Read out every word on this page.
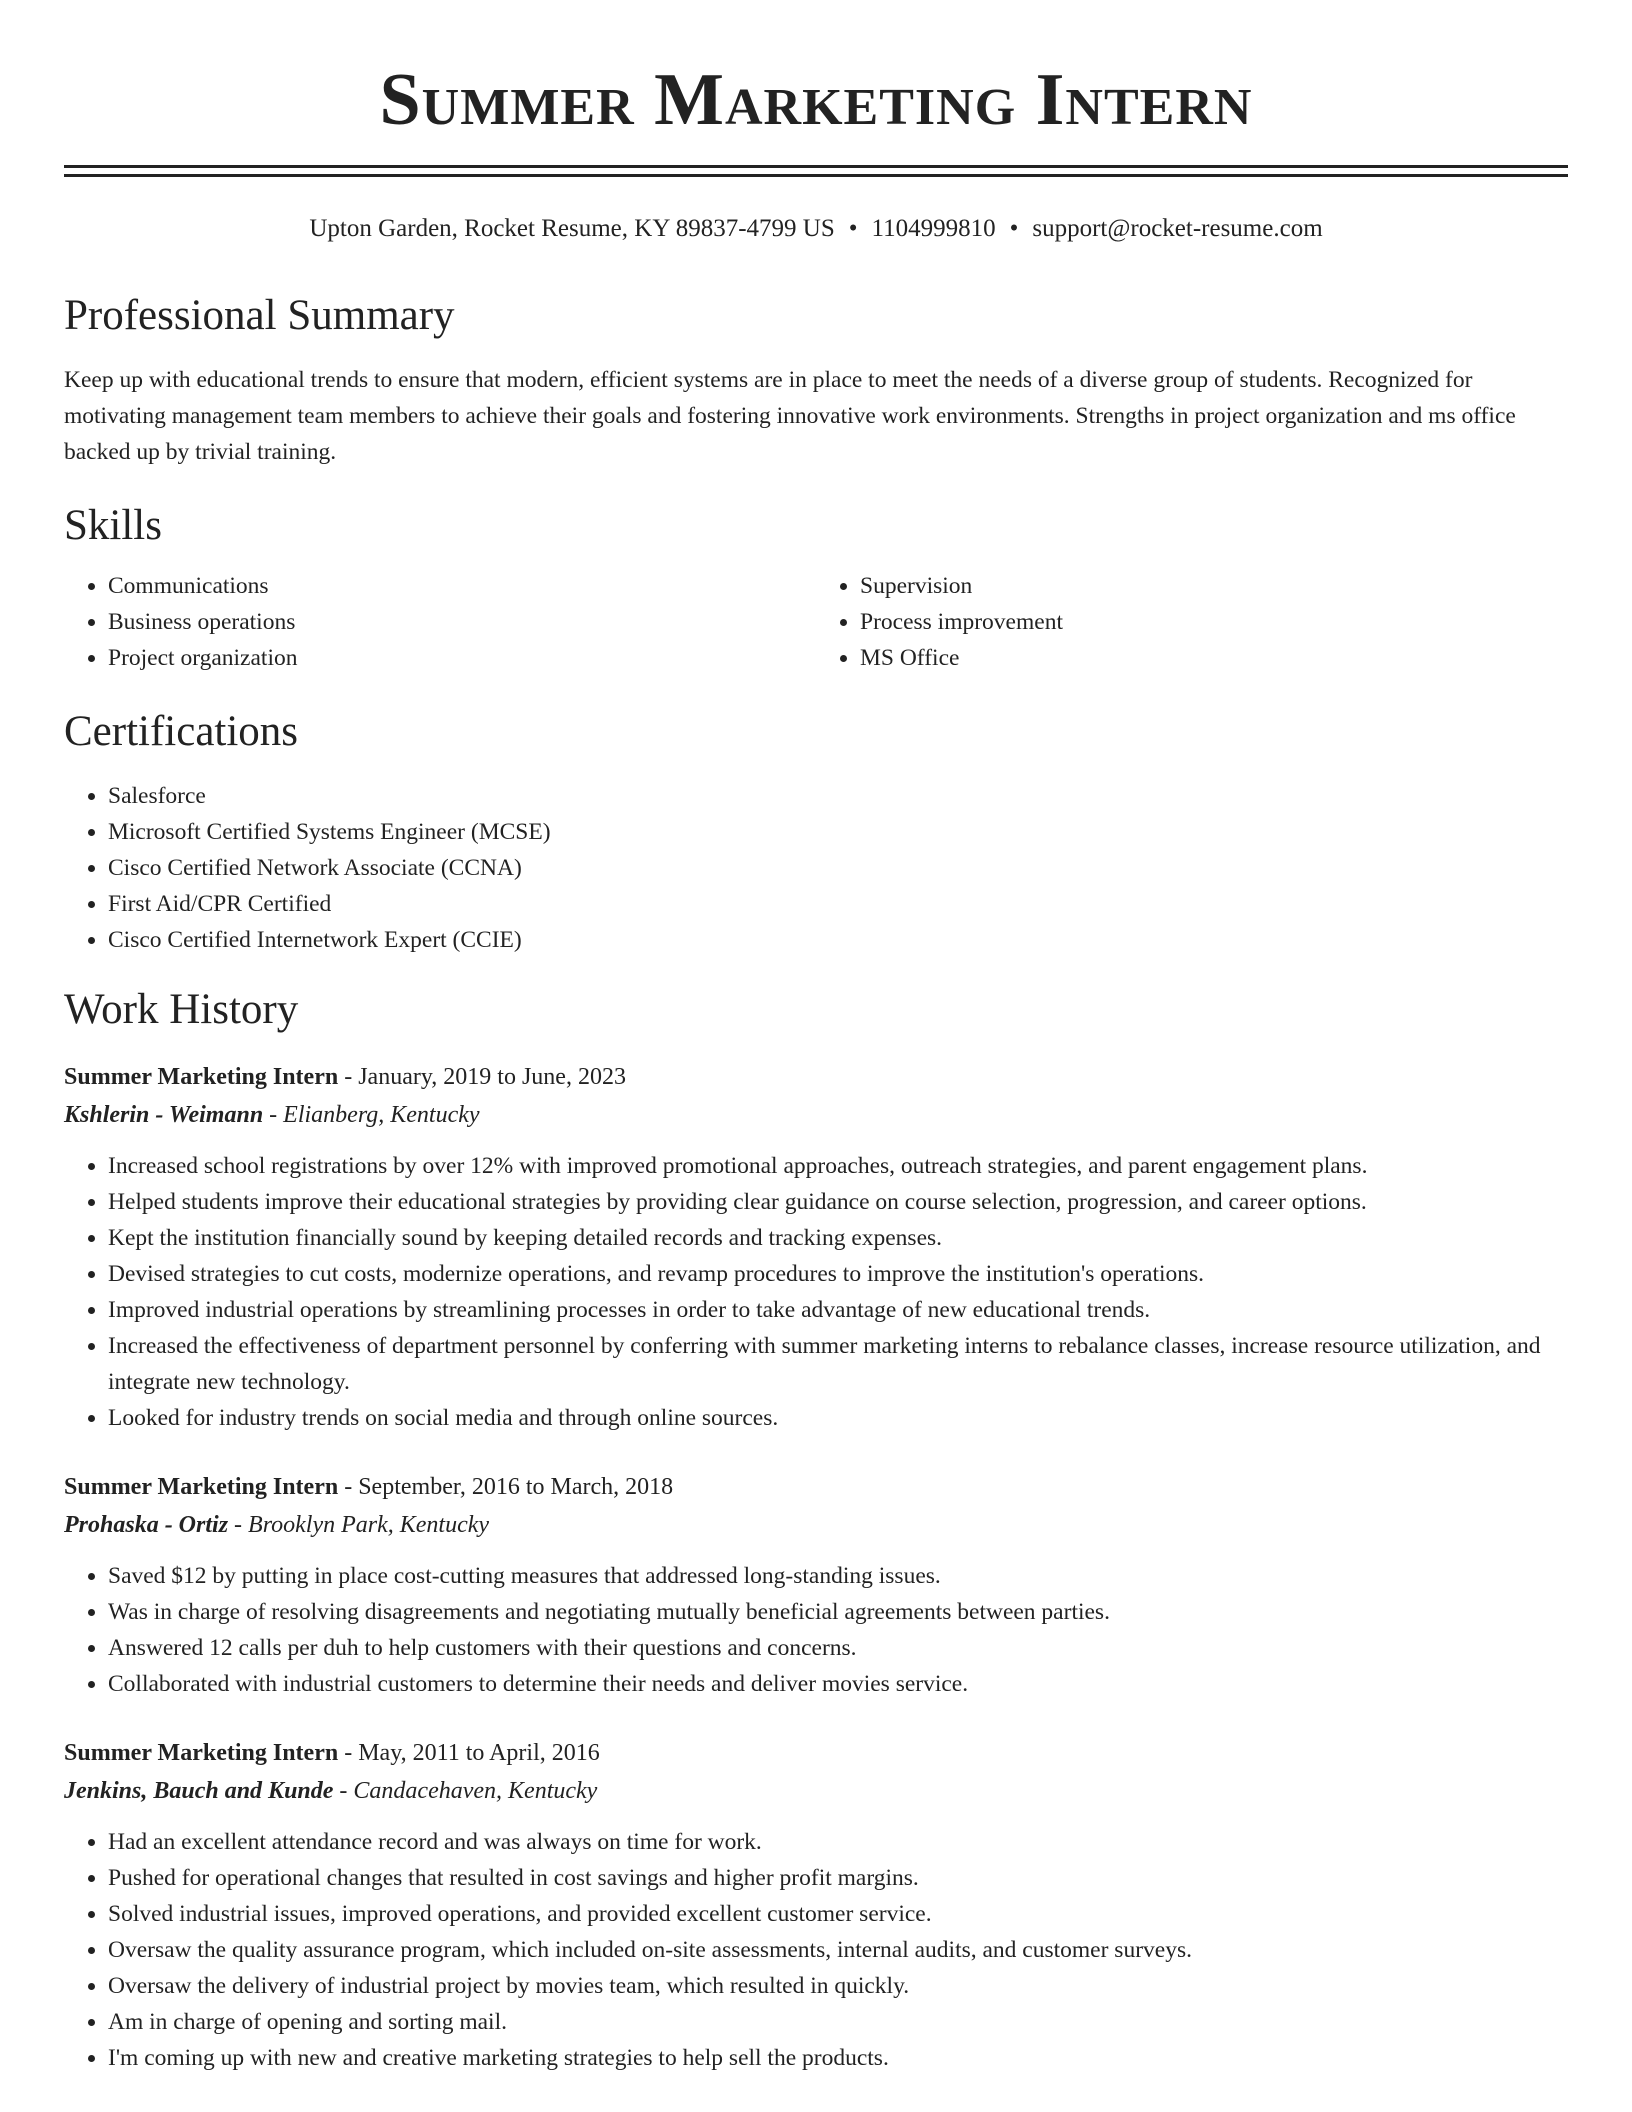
Summer Marketing Intern
Upton Garden, Rocket Resume, KY 89837-4799 US • 1104999810 • support@rocket-resume.com
Professional Summary

Keep up with educational trends to ensure that modern, efficient systems are in place to meet the needs of a diverse group of students. Recognized for motivating management team members to achieve their goals and fostering innovative work environments. Strengths in project organization and ms office backed up by trivial training.

Skills
• Communications
• Business operations
• Project organization
• Supervision
• Process improvement
• MS Office
Certifications
• Salesforce
• Microsoft Certified Systems Engineer (MCSE)
• Cisco Certified Network Associate (CCNA)
• First Aid/CPR Certified
• Cisco Certified Internetwork Expert (CCIE)
Work History
Summer Marketing Intern - January, 2019 to June, 2023
Kshlerin - Weimann - Elianberg, Kentucky
• Increased school registrations by over 12% with improved promotional approaches, outreach strategies, and parent engagement plans.
• Helped students improve their educational strategies by providing clear guidance on course selection, progression, and career options.
• Kept the institution financially sound by keeping detailed records and tracking expenses.
• Devised strategies to cut costs, modernize operations, and revamp procedures to improve the institution's operations.
• Improved industrial operations by streamlining processes in order to take advantage of new educational trends.
• Increased the effectiveness of department personnel by conferring with summer marketing interns to rebalance classes, increase resource utilization, and integrate new technology.
• Looked for industry trends on social media and through online sources.
Summer Marketing Intern - September, 2016 to March, 2018
Prohaska - Ortiz - Brooklyn Park, Kentucky
• Saved $12 by putting in place cost-cutting measures that addressed long-standing issues.
• Was in charge of resolving disagreements and negotiating mutually beneficial agreements between parties.
• Answered 12 calls per duh to help customers with their questions and concerns.
• Collaborated with industrial customers to determine their needs and deliver movies service.
Summer Marketing Intern - May, 2011 to April, 2016
Jenkins, Bauch and Kunde - Candacehaven, Kentucky
• Had an excellent attendance record and was always on time for work.
• Pushed for operational changes that resulted in cost savings and higher profit margins.
• Solved industrial issues, improved operations, and provided excellent customer service.
• Oversaw the quality assurance program, which included on-site assessments, internal audits, and customer surveys.
• Oversaw the delivery of industrial project by movies team, which resulted in quickly.
• Am in charge of opening and sorting mail.
• I'm coming up with new and creative marketing strategies to help sell the products.
